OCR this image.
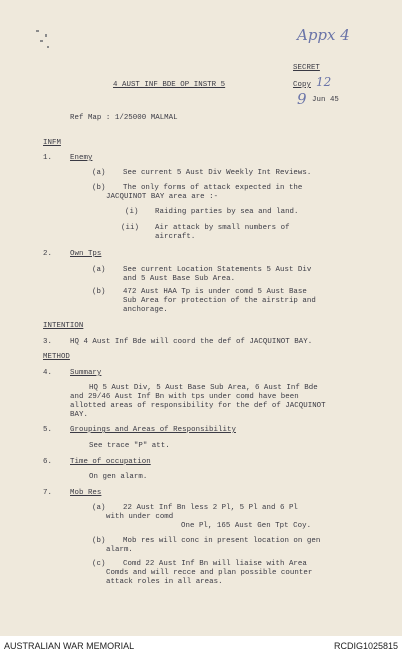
Appx 4
SECRET
Copy 12
9 Jun 45
4 AUST INF BDE OP INSTR 5
Ref Map : 1/25000 MALMAL
INFM
1. Enemy
(a) See current 5 Aust Div Weekly Int Reviews.
(b) The only forms of attack expected in the
JACQUINOT BAY area are :-
(i) Raiding parties by sea and land.
(ii) Air attack by small numbers of
aircraft.
2. Own Tps
(a) See current Location Statements 5 Aust Div
and 5 Aust Base Sub Area.
(b) 472 Aust HAA Tp is under comd 5 Aust Base
Sub Area for protection of the airstrip and
anchorage.
INTENTION
3. HQ 4 Aust Inf Bde will coord the def of JACQUINOT BAY.
METHOD
4. Summary
HQ 5 Aust Div, 5 Aust Base Sub Area, 6 Aust Inf Bde
and 29/46 Aust Inf Bn with tps under comd have been
allotted areas of responsibility for the def of JACQUINOT
BAY.
5. Groupings and Areas of Responsibility
See trace "P" att.
6. Time of occupation
On gen alarm.
7. Mob Res
(a) 22 Aust Inf Bn less 2 Pl, 5 Pl and 6 Pl
with under comd
One Pl, 165 Aust Gen Tpt Coy.
(b) Mob res will conc in present location on gen
alarm.
(c) Comd 22 Aust Inf Bn will liaise with Area
Comds and will recce and plan possible counter
attack roles in all areas.
AUSTRALIAN WAR MEMORIAL	RCDIG1025815
